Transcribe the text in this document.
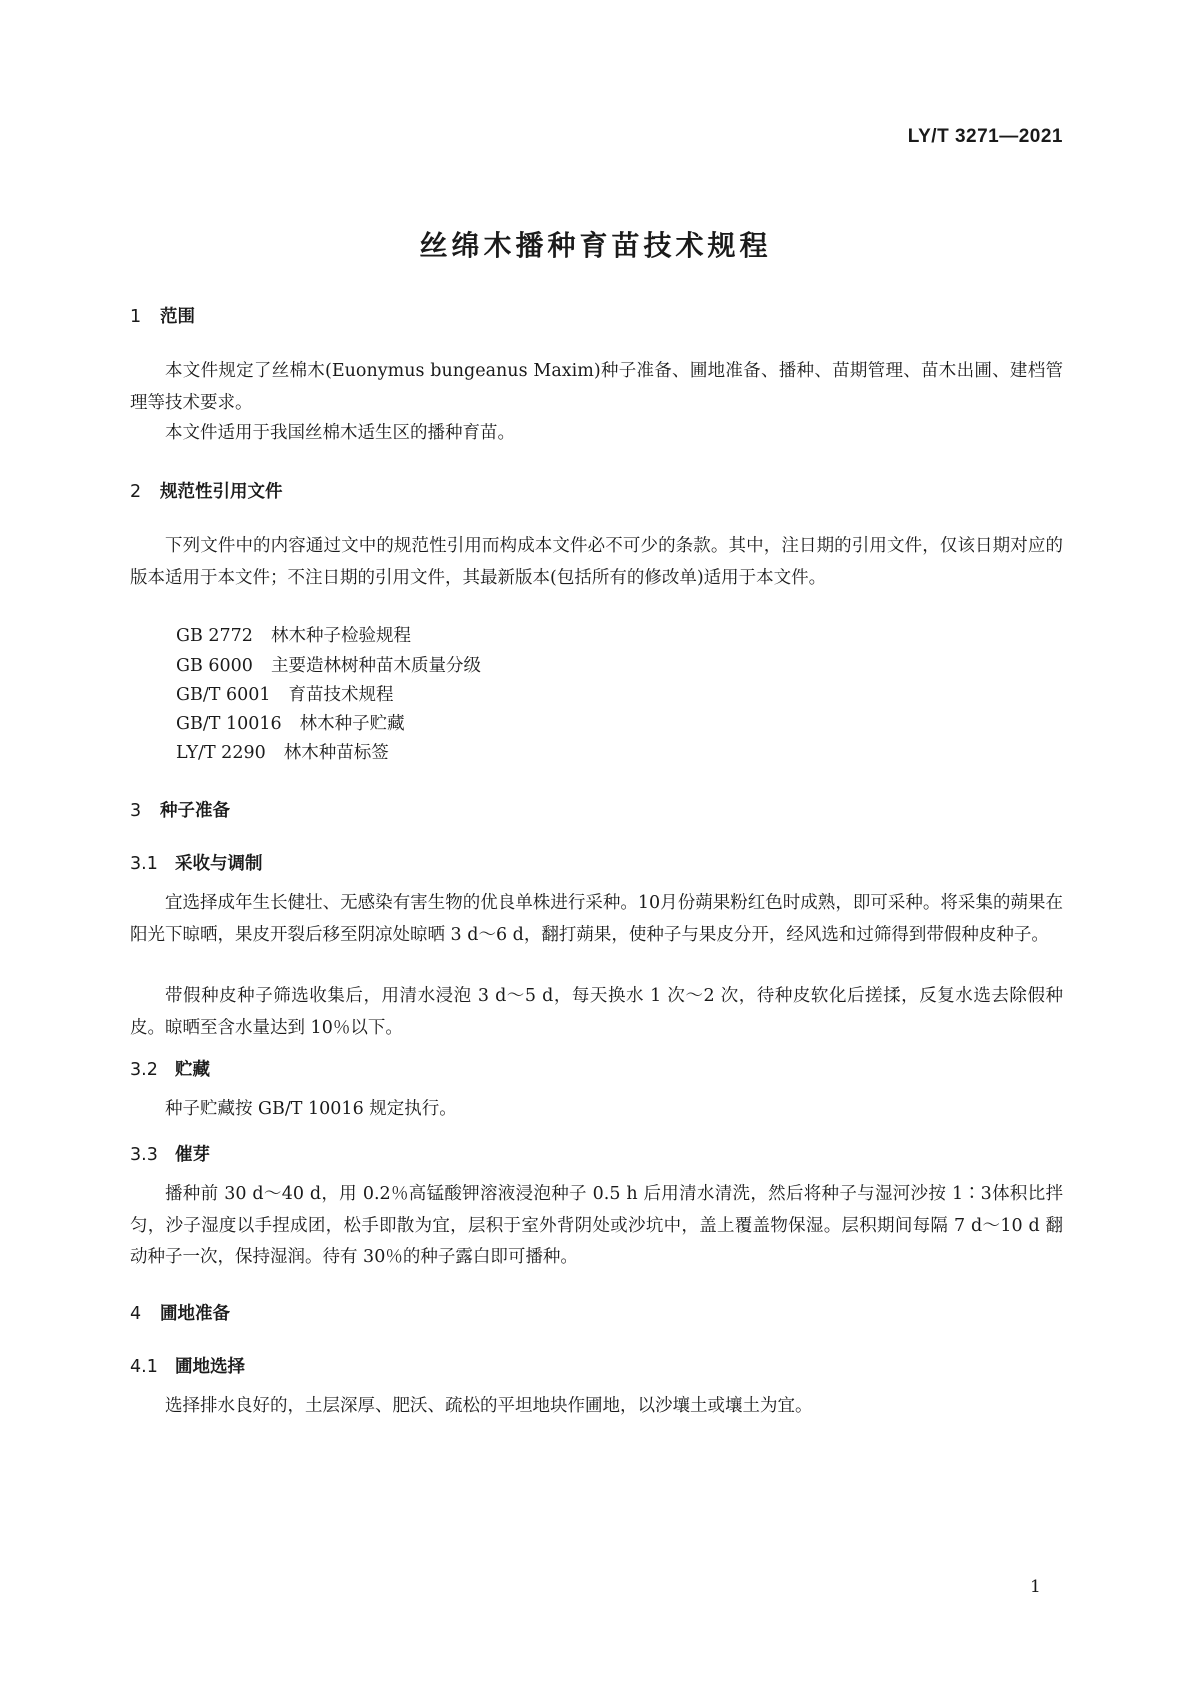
LY/T 3271—2021
丝绵木播种育苗技术规程
1 范围
本文件规定了丝棉木(Euonymus bungeanus Maxim)种子准备、圃地准备、播种、苗期管理、苗木出圃、建档管理等技术要求。
本文件适用于我国丝棉木适生区的播种育苗。
2 规范性引用文件
下列文件中的内容通过文中的规范性引用而构成本文件必不可少的条款。其中，注日期的引用文件，仅该日期对应的版本适用于本文件；不注日期的引用文件，其最新版本(包括所有的修改单)适用于本文件。
GB 2772 林木种子检验规程
GB 6000 主要造林树种苗木质量分级
GB/T 6001 育苗技术规程
GB/T 10016 林木种子贮藏
LY/T 2290 林木种苗标签
3 种子准备
3.1 采收与调制
宜选择成年生长健壮、无感染有害生物的优良单株进行采种。10月份蒴果粉红色时成熟，即可采种。将采集的蒴果在阳光下晾晒，果皮开裂后移至阴凉处晾晒 3 d～6 d，翻打蒴果，使种子与果皮分开，经风选和过筛得到带假种皮种子。
带假种皮种子筛选收集后，用清水浸泡 3 d～5 d，每天换水 1 次～2 次，待种皮软化后搓揉，反复水选去除假种皮。晾晒至含水量达到 10％以下。
3.2 贮藏
种子贮藏按 GB/T 10016 规定执行。
3.3 催芽
播种前 30 d～40 d，用 0.2％高锰酸钾溶液浸泡种子 0.5 h 后用清水清洗，然后将种子与湿河沙按 1∶3体积比拌匀，沙子湿度以手捏成团，松手即散为宜，层积于室外背阴处或沙坑中，盖上覆盖物保湿。层积期间每隔 7 d～10 d 翻动种子一次，保持湿润。待有 30％的种子露白即可播种。
4 圃地准备
4.1 圃地选择
选择排水良好的，土层深厚、肥沃、疏松的平坦地块作圃地，以沙壤土或壤土为宜。
1
